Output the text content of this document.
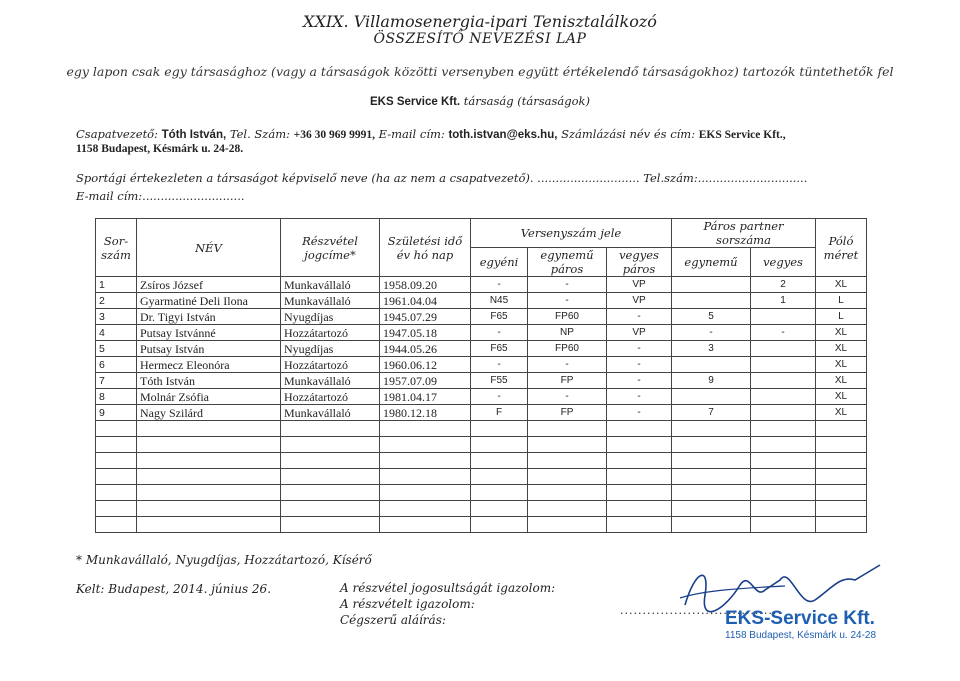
XXIX. Villamosenergia-ipari Tenisztalálkozó
ÖSSZESÍTŐ NEVEZÉSI LAP
egy lapon csak egy társasághoz (vagy a társaságok közötti versenyben együtt értékelendő társaságokhoz) tartozók tüntethetők fel
EKS Service Kft. társaság (társaságok)
Csapatvezető: Tóth István, Tel. Szám: +36 30 969 9991, E-mail cím: toth.istvan@eks.hu, Számlázási név és cím: EKS Service Kft.,
1158 Budapest, Késmárk u. 24-28.
Sportági értekezleten a társaságot képviselő neve (ha az nem a csapatvezető). ............................ Tel.szám:..............................
E-mail cím:............................
Sor-szám	NÉV	Részvétel jogcíme*	Születési idő év hó nap	Versenyszám jele			Páros partner sorszáma		Póló méret
				egyéni	egynemű páros	vegyes páros	egynemű	vegyes	

1	Zsíros József	Munkavállaló	1958.09.20	-	-	VP		2	XL
2	Gyarmatiné Deli Ilona	Munkavállaló	1961.04.04	N45	-	VP		1	L
3	Dr. Tigyi István	Nyugdíjas	1945.07.29	F65	FP60	-	5		L
4	Putsay Istvánné	Hozzátartozó	1947.05.18	-	NP	VP	-	-	XL
5	Putsay István	Nyugdíjas	1944.05.26	F65	FP60	-	3		XL
6	Hermecz Eleonóra	Hozzátartozó	1960.06.12	-	-	-			XL
7	Tóth István	Munkavállaló	1957.07.09	F55	FP	-	9		XL
8	Molnár Zsófia	Hozzátartozó	1981.04.17	-	-	-			XL
9	Nagy Szilárd	Munkavállaló	1980.12.18	F	FP	-	7		XL

* Munkavállaló, Nyugdíjas, Hozzátartozó, Kísérő
Kelt: Budapest, 2014. június 26.	A részvétel jogosultságát igazolom:
A részvételt igazolom:
Cégszerű aláírás:
...................................
EKS-Service Kft.
1158 Budapest, Késmárk u. 24-28
